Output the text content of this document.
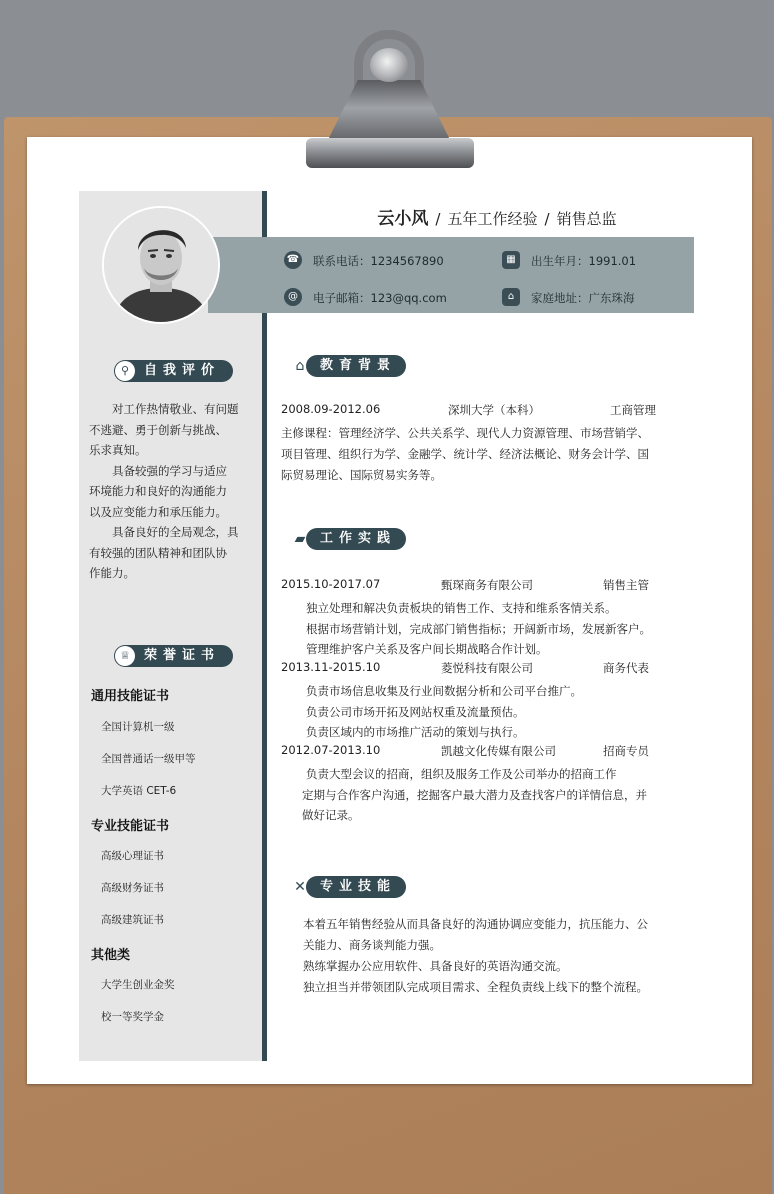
云小风 / 五年工作经验 / 销售总监
☎ 联系电话：1234567890	▦	出生年月：1991.01
@	电子邮箱：123@qq.com	⌂	家庭地址：广东珠海
⚲	自我评价

对工作热情敬业、有问题

不逃避、勇于创新与挑战、

乐求真知。

具备较强的学习与适应

环境能力和良好的沟通能力

以及应变能力和承压能力。

具备良好的全局观念，具

有较强的团队精神和团队协

作能力。

♕	荣誉证书
通用技能证书
全国计算机一级
全国普通话一级甲等
大学英语 CET-6
专业技能证书
高级心理证书
高级财务证书
高级建筑证书
其他类
大学生创业金奖
校一等奖学金
⌂	教育背景
2008.09-2012.06	深圳大学（本科）	工商管理
主修课程：管理经济学、公共关系学、现代人力资源管理、市场营销学、
项目管理、组织行为学、金融学、统计学、经济法概论、财务会计学、国
际贸易理论、国际贸易实务等。
▰	工作实践
2015.10-2017.07	甄琛商务有限公司	销售主管
独立处理和解决负责板块的销售工作、支持和维系客情关系。
根据市场营销计划，完成部门销售指标；开阔新市场，发展新客户。
管理维护客户关系及客户间长期战略合作计划。
2013.11-2015.10	菱悦科技有限公司	商务代表
负责市场信息收集及行业间数据分析和公司平台推广。
负责公司市场开拓及网站权重及流量预估。
负责区域内的市场推广活动的策划与执行。
2012.07-2013.10	凯越文化传媒有限公司	招商专员
负责大型会议的招商，组织及服务工作及公司举办的招商工作
定期与合作客户沟通，挖掘客户最大潜力及查找客户的详情信息，并
做好记录。
✕	专业技能
本着五年销售经验从而具备良好的沟通协调应变能力，抗压能力、公
关能力、商务谈判能力强。
熟练掌握办公应用软件、具备良好的英语沟通交流。
独立担当并带领团队完成项目需求、全程负责线上线下的整个流程。
